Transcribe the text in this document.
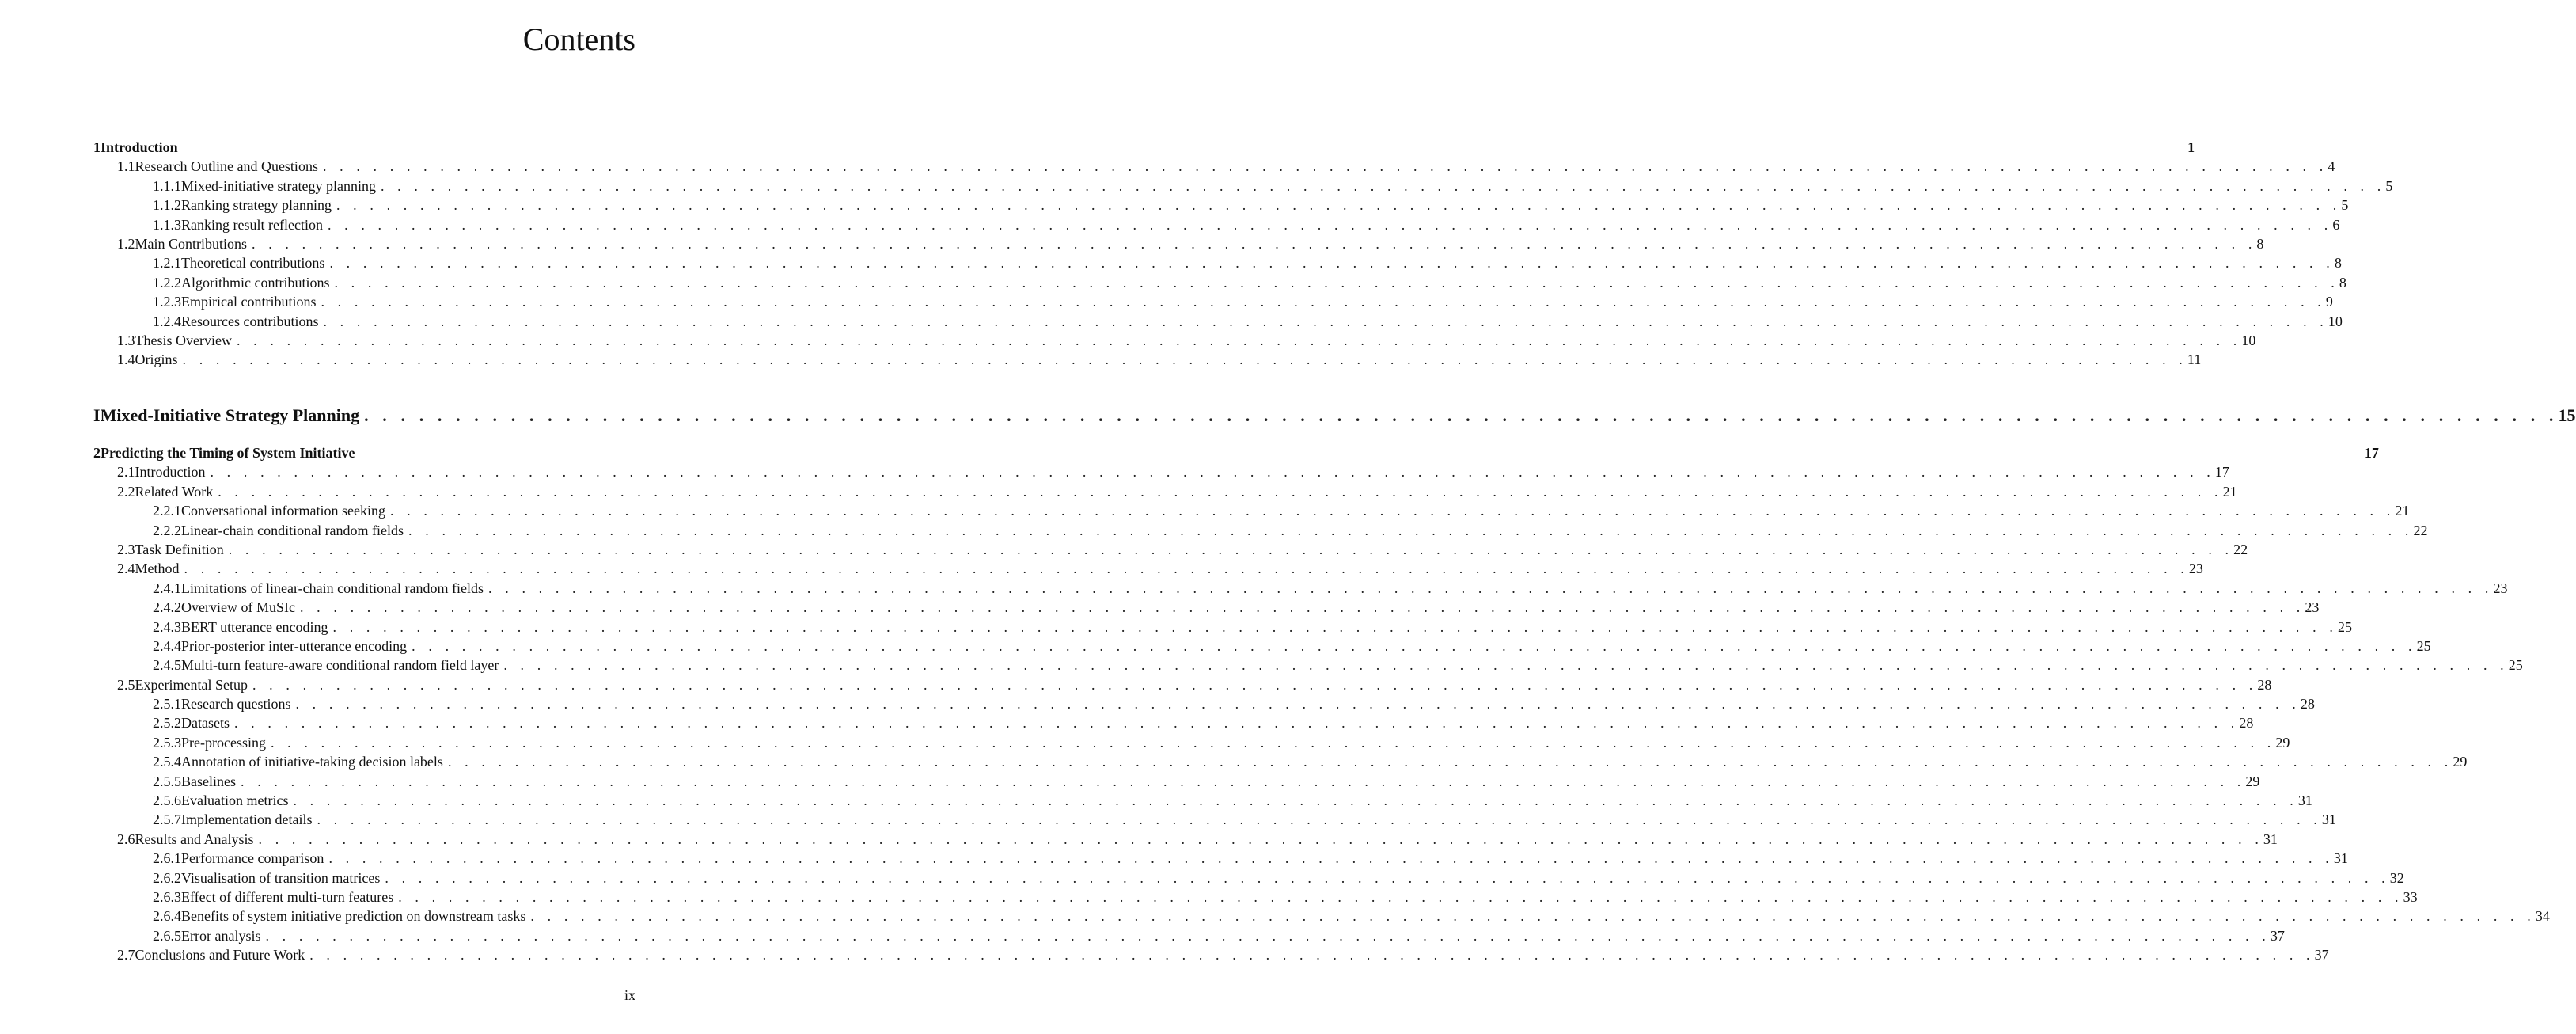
Contents
1 Introduction	1
1.1 Research Outline and Questions . . . . . . . . . . . . . . . . . . . . . . . . . . . . . . . . . . . . . . . . . . . . . . . . . . . . . . . . . . . . . . . . . . . . . . . . . . . . . . . . . . . . . . . . . . . . . . . . . . . . . . . . . . . . . . . . . . . . . . . . 4
1.1.1 Mixed-initiative strategy planning . . . . . . . . . . . . . . . . . . . . . . . . . . . . . . . . . . . . . . . . . . . . . . . . . . . . . . . . . . . . . . . . . . . . . . . . . . . . . . . . . . . . . . . . . . . . . . . . . . . . . . . . . . . . . . . . . . . . . . . . 5
1.1.2 Ranking strategy planning . . . . . . . . . . . . . . . . . . . . . . . . . . . . . . . . . . . . . . . . . . . . . . . . . . . . . . . . . . . . . . . . . . . . . . . . . . . . . . . . . . . . . . . . . . . . . . . . . . . . . . . . . . . . . . . . . . . . . . . . 5
1.1.3 Ranking result reflection . . . . . . . . . . . . . . . . . . . . . . . . . . . . . . . . . . . . . . . . . . . . . . . . . . . . . . . . . . . . . . . . . . . . . . . . . . . . . . . . . . . . . . . . . . . . . . . . . . . . . . . . . . . . . . . . . . . . . . . . 6
1.2 Main Contributions . . . . . . . . . . . . . . . . . . . . . . . . . . . . . . . . . . . . . . . . . . . . . . . . . . . . . . . . . . . . . . . . . . . . . . . . . . . . . . . . . . . . . . . . . . . . . . . . . . . . . . . . . . . . . . . . . . . . . . . . 8
1.2.1 Theoretical contributions . . . . . . . . . . . . . . . . . . . . . . . . . . . . . . . . . . . . . . . . . . . . . . . . . . . . . . . . . . . . . . . . . . . . . . . . . . . . . . . . . . . . . . . . . . . . . . . . . . . . . . . . . . . . . . . . . . . . . . . . 8
1.2.2 Algorithmic contributions . . . . . . . . . . . . . . . . . . . . . . . . . . . . . . . . . . . . . . . . . . . . . . . . . . . . . . . . . . . . . . . . . . . . . . . . . . . . . . . . . . . . . . . . . . . . . . . . . . . . . . . . . . . . . . . . . . . . . . . . 8
1.2.3 Empirical contributions . . . . . . . . . . . . . . . . . . . . . . . . . . . . . . . . . . . . . . . . . . . . . . . . . . . . . . . . . . . . . . . . . . . . . . . . . . . . . . . . . . . . . . . . . . . . . . . . . . . . . . . . . . . . . . . . . . . . . . . . 9
1.2.4 Resources contributions . . . . . . . . . . . . . . . . . . . . . . . . . . . . . . . . . . . . . . . . . . . . . . . . . . . . . . . . . . . . . . . . . . . . . . . . . . . . . . . . . . . . . . . . . . . . . . . . . . . . . . . . . . . . . . . . . . . . . . . . 10
1.3 Thesis Overview . . . . . . . . . . . . . . . . . . . . . . . . . . . . . . . . . . . . . . . . . . . . . . . . . . . . . . . . . . . . . . . . . . . . . . . . . . . . . . . . . . . . . . . . . . . . . . . . . . . . . . . . . . . . . . . . . . . . . . . . 10
1.4 Origins . . . . . . . . . . . . . . . . . . . . . . . . . . . . . . . . . . . . . . . . . . . . . . . . . . . . . . . . . . . . . . . . . . . . . . . . . . . . . . . . . . . . . . . . . . . . . . . . . . . . . . . . . . . . . . . . . . . . . . . . 11
I Mixed-Initiative Strategy Planning . . . . . . . . . . . . . . . . . . . . . . . . . . . . . . . . . . . . . . . . . . . . . . . . . . . . . . . . . . . . . . . . . . . . . . . . . . . . . . . . . . . . . . . . . . . . . . . . . . . . . . . . . . . . . . . . . . . . . . . . 15
2 Predicting the Timing of System Initiative	17
2.1 Introduction . . . . . . . . . . . . . . . . . . . . . . . . . . . . . . . . . . . . . . . . . . . . . . . . . . . . . . . . . . . . . . . . . . . . . . . . . . . . . . . . . . . . . . . . . . . . . . . . . . . . . . . . . . . . . . . . . . . . . . . . 17
2.2 Related Work . . . . . . . . . . . . . . . . . . . . . . . . . . . . . . . . . . . . . . . . . . . . . . . . . . . . . . . . . . . . . . . . . . . . . . . . . . . . . . . . . . . . . . . . . . . . . . . . . . . . . . . . . . . . . . . . . . . . . . . . 21
2.2.1 Conversational information seeking . . . . . . . . . . . . . . . . . . . . . . . . . . . . . . . . . . . . . . . . . . . . . . . . . . . . . . . . . . . . . . . . . . . . . . . . . . . . . . . . . . . . . . . . . . . . . . . . . . . . . . . . . . . . . . . . . . . . . . . . 21
2.2.2 Linear-chain conditional random fields . . . . . . . . . . . . . . . . . . . . . . . . . . . . . . . . . . . . . . . . . . . . . . . . . . . . . . . . . . . . . . . . . . . . . . . . . . . . . . . . . . . . . . . . . . . . . . . . . . . . . . . . . . . . . . . . . . . . . . . . 22
2.3 Task Definition . . . . . . . . . . . . . . . . . . . . . . . . . . . . . . . . . . . . . . . . . . . . . . . . . . . . . . . . . . . . . . . . . . . . . . . . . . . . . . . . . . . . . . . . . . . . . . . . . . . . . . . . . . . . . . . . . . . . . . . . 22
2.4 Method . . . . . . . . . . . . . . . . . . . . . . . . . . . . . . . . . . . . . . . . . . . . . . . . . . . . . . . . . . . . . . . . . . . . . . . . . . . . . . . . . . . . . . . . . . . . . . . . . . . . . . . . . . . . . . . . . . . . . . . . 23
2.4.1 Limitations of linear-chain conditional random fields . . . . . . . . . . . . . . . . . . . . . . . . . . . . . . . . . . . . . . . . . . . . . . . . . . . . . . . . . . . . . . . . . . . . . . . . . . . . . . . . . . . . . . . . . . . . . . . . . . . . . . . . . . . . . . . . . . . . . . . . 23
2.4.2 Overview of MuSIc . . . . . . . . . . . . . . . . . . . . . . . . . . . . . . . . . . . . . . . . . . . . . . . . . . . . . . . . . . . . . . . . . . . . . . . . . . . . . . . . . . . . . . . . . . . . . . . . . . . . . . . . . . . . . . . . . . . . . . . . 23
2.4.3 BERT utterance encoding . . . . . . . . . . . . . . . . . . . . . . . . . . . . . . . . . . . . . . . . . . . . . . . . . . . . . . . . . . . . . . . . . . . . . . . . . . . . . . . . . . . . . . . . . . . . . . . . . . . . . . . . . . . . . . . . . . . . . . . . 25
2.4.4 Prior-posterior inter-utterance encoding . . . . . . . . . . . . . . . . . . . . . . . . . . . . . . . . . . . . . . . . . . . . . . . . . . . . . . . . . . . . . . . . . . . . . . . . . . . . . . . . . . . . . . . . . . . . . . . . . . . . . . . . . . . . . . . . . . . . . . . . 25
2.4.5 Multi-turn feature-aware conditional random field layer . . . . . . . . . . . . . . . . . . . . . . . . . . . . . . . . . . . . . . . . . . . . . . . . . . . . . . . . . . . . . . . . . . . . . . . . . . . . . . . . . . . . . . . . . . . . . . . . . . . . . . . . . . . . . . . . . . . . . . . . 25
2.5 Experimental Setup . . . . . . . . . . . . . . . . . . . . . . . . . . . . . . . . . . . . . . . . . . . . . . . . . . . . . . . . . . . . . . . . . . . . . . . . . . . . . . . . . . . . . . . . . . . . . . . . . . . . . . . . . . . . . . . . . . . . . . . . 28
2.5.1 Research questions . . . . . . . . . . . . . . . . . . . . . . . . . . . . . . . . . . . . . . . . . . . . . . . . . . . . . . . . . . . . . . . . . . . . . . . . . . . . . . . . . . . . . . . . . . . . . . . . . . . . . . . . . . . . . . . . . . . . . . . . 28
2.5.2 Datasets . . . . . . . . . . . . . . . . . . . . . . . . . . . . . . . . . . . . . . . . . . . . . . . . . . . . . . . . . . . . . . . . . . . . . . . . . . . . . . . . . . . . . . . . . . . . . . . . . . . . . . . . . . . . . . . . . . . . . . . . 28
2.5.3 Pre-processing . . . . . . . . . . . . . . . . . . . . . . . . . . . . . . . . . . . . . . . . . . . . . . . . . . . . . . . . . . . . . . . . . . . . . . . . . . . . . . . . . . . . . . . . . . . . . . . . . . . . . . . . . . . . . . . . . . . . . . . . 29
2.5.4 Annotation of initiative-taking decision labels . . . . . . . . . . . . . . . . . . . . . . . . . . . . . . . . . . . . . . . . . . . . . . . . . . . . . . . . . . . . . . . . . . . . . . . . . . . . . . . . . . . . . . . . . . . . . . . . . . . . . . . . . . . . . . . . . . . . . . . . 29
2.5.5 Baselines . . . . . . . . . . . . . . . . . . . . . . . . . . . . . . . . . . . . . . . . . . . . . . . . . . . . . . . . . . . . . . . . . . . . . . . . . . . . . . . . . . . . . . . . . . . . . . . . . . . . . . . . . . . . . . . . . . . . . . . . 29
2.5.6 Evaluation metrics . . . . . . . . . . . . . . . . . . . . . . . . . . . . . . . . . . . . . . . . . . . . . . . . . . . . . . . . . . . . . . . . . . . . . . . . . . . . . . . . . . . . . . . . . . . . . . . . . . . . . . . . . . . . . . . . . . . . . . . . 31
2.5.7 Implementation details . . . . . . . . . . . . . . . . . . . . . . . . . . . . . . . . . . . . . . . . . . . . . . . . . . . . . . . . . . . . . . . . . . . . . . . . . . . . . . . . . . . . . . . . . . . . . . . . . . . . . . . . . . . . . . . . . . . . . . . . 31
2.6 Results and Analysis . . . . . . . . . . . . . . . . . . . . . . . . . . . . . . . . . . . . . . . . . . . . . . . . . . . . . . . . . . . . . . . . . . . . . . . . . . . . . . . . . . . . . . . . . . . . . . . . . . . . . . . . . . . . . . . . . . . . . . . . 31
2.6.1 Performance comparison . . . . . . . . . . . . . . . . . . . . . . . . . . . . . . . . . . . . . . . . . . . . . . . . . . . . . . . . . . . . . . . . . . . . . . . . . . . . . . . . . . . . . . . . . . . . . . . . . . . . . . . . . . . . . . . . . . . . . . . . 31
2.6.2 Visualisation of transition matrices . . . . . . . . . . . . . . . . . . . . . . . . . . . . . . . . . . . . . . . . . . . . . . . . . . . . . . . . . . . . . . . . . . . . . . . . . . . . . . . . . . . . . . . . . . . . . . . . . . . . . . . . . . . . . . . . . . . . . . . . 32
2.6.3 Effect of different multi-turn features . . . . . . . . . . . . . . . . . . . . . . . . . . . . . . . . . . . . . . . . . . . . . . . . . . . . . . . . . . . . . . . . . . . . . . . . . . . . . . . . . . . . . . . . . . . . . . . . . . . . . . . . . . . . . . . . . . . . . . . . 33
2.6.4 Benefits of system initiative prediction on downstream tasks . . . . . . . . . . . . . . . . . . . . . . . . . . . . . . . . . . . . . . . . . . . . . . . . . . . . . . . . . . . . . . . . . . . . . . . . . . . . . . . . . . . . . . . . . . . . . . . . . . . . . . . . . . . . . . . . . . . . . . . . 34
2.6.5 Error analysis . . . . . . . . . . . . . . . . . . . . . . . . . . . . . . . . . . . . . . . . . . . . . . . . . . . . . . . . . . . . . . . . . . . . . . . . . . . . . . . . . . . . . . . . . . . . . . . . . . . . . . . . . . . . . . . . . . . . . . . . 37
2.7 Conclusions and Future Work . . . . . . . . . . . . . . . . . . . . . . . . . . . . . . . . . . . . . . . . . . . . . . . . . . . . . . . . . . . . . . . . . . . . . . . . . . . . . . . . . . . . . . . . . . . . . . . . . . . . . . . . . . . . . . . . . . . . . . . . 37
ix
